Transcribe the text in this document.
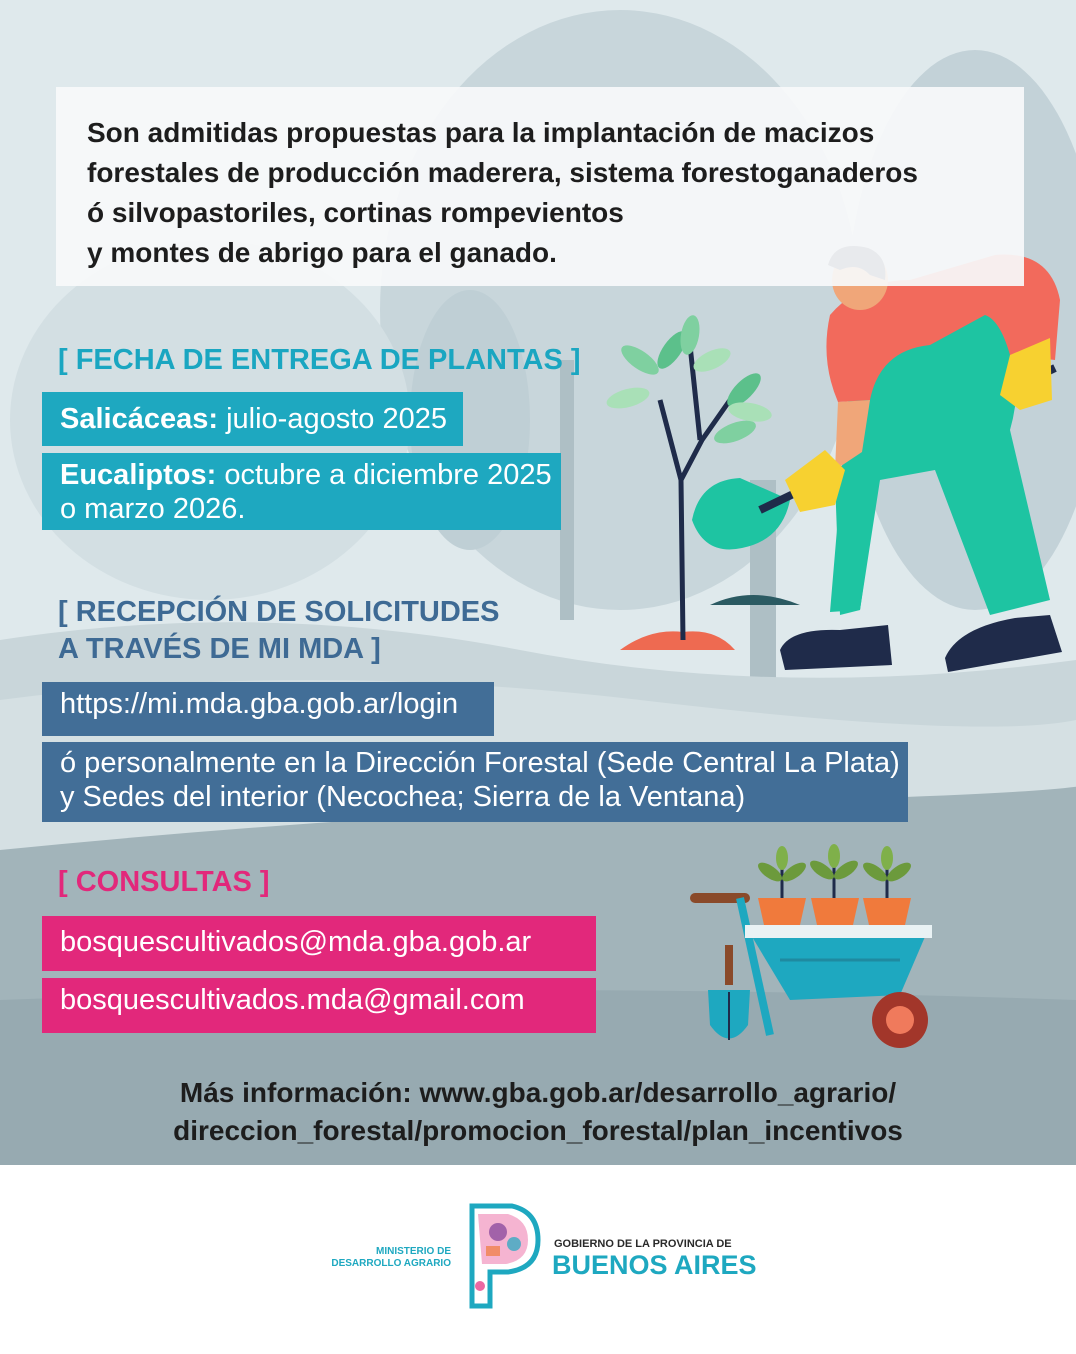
Son admitidas propuestas para la implantación de macizos
forestales de producción maderera, sistema forestoganaderos
ó silvopastoriles, cortinas rompevientos
y montes de abrigo para el ganado.

[ FECHA DE ENTREGA DE PLANTAS ]
Salicáceas: julio-agosto 2025
Eucaliptos: octubre a diciembre 2025
o marzo 2026.
[ RECEPCIÓN DE SOLICITUDES
A TRAVÉS DE MI MDA ]
https://mi.mda.gba.gob.ar/login
ó personalmente en la Dirección Forestal (Sede Central La Plata)
y Sedes del interior (Necochea; Sierra de la Ventana)
[ CONSULTAS ]
bosquescultivados@mda.gba.gob.ar
bosquescultivados.mda@gmail.com
Más información: www.gba.gob.ar/desarrollo_agrario/
direccion_forestal/promocion_forestal/plan_incentivos
MINISTERIO DE
DESARROLLO AGRARIO
GOBIERNO DE LA PROVINCIA DE
BUENOS AIRES
